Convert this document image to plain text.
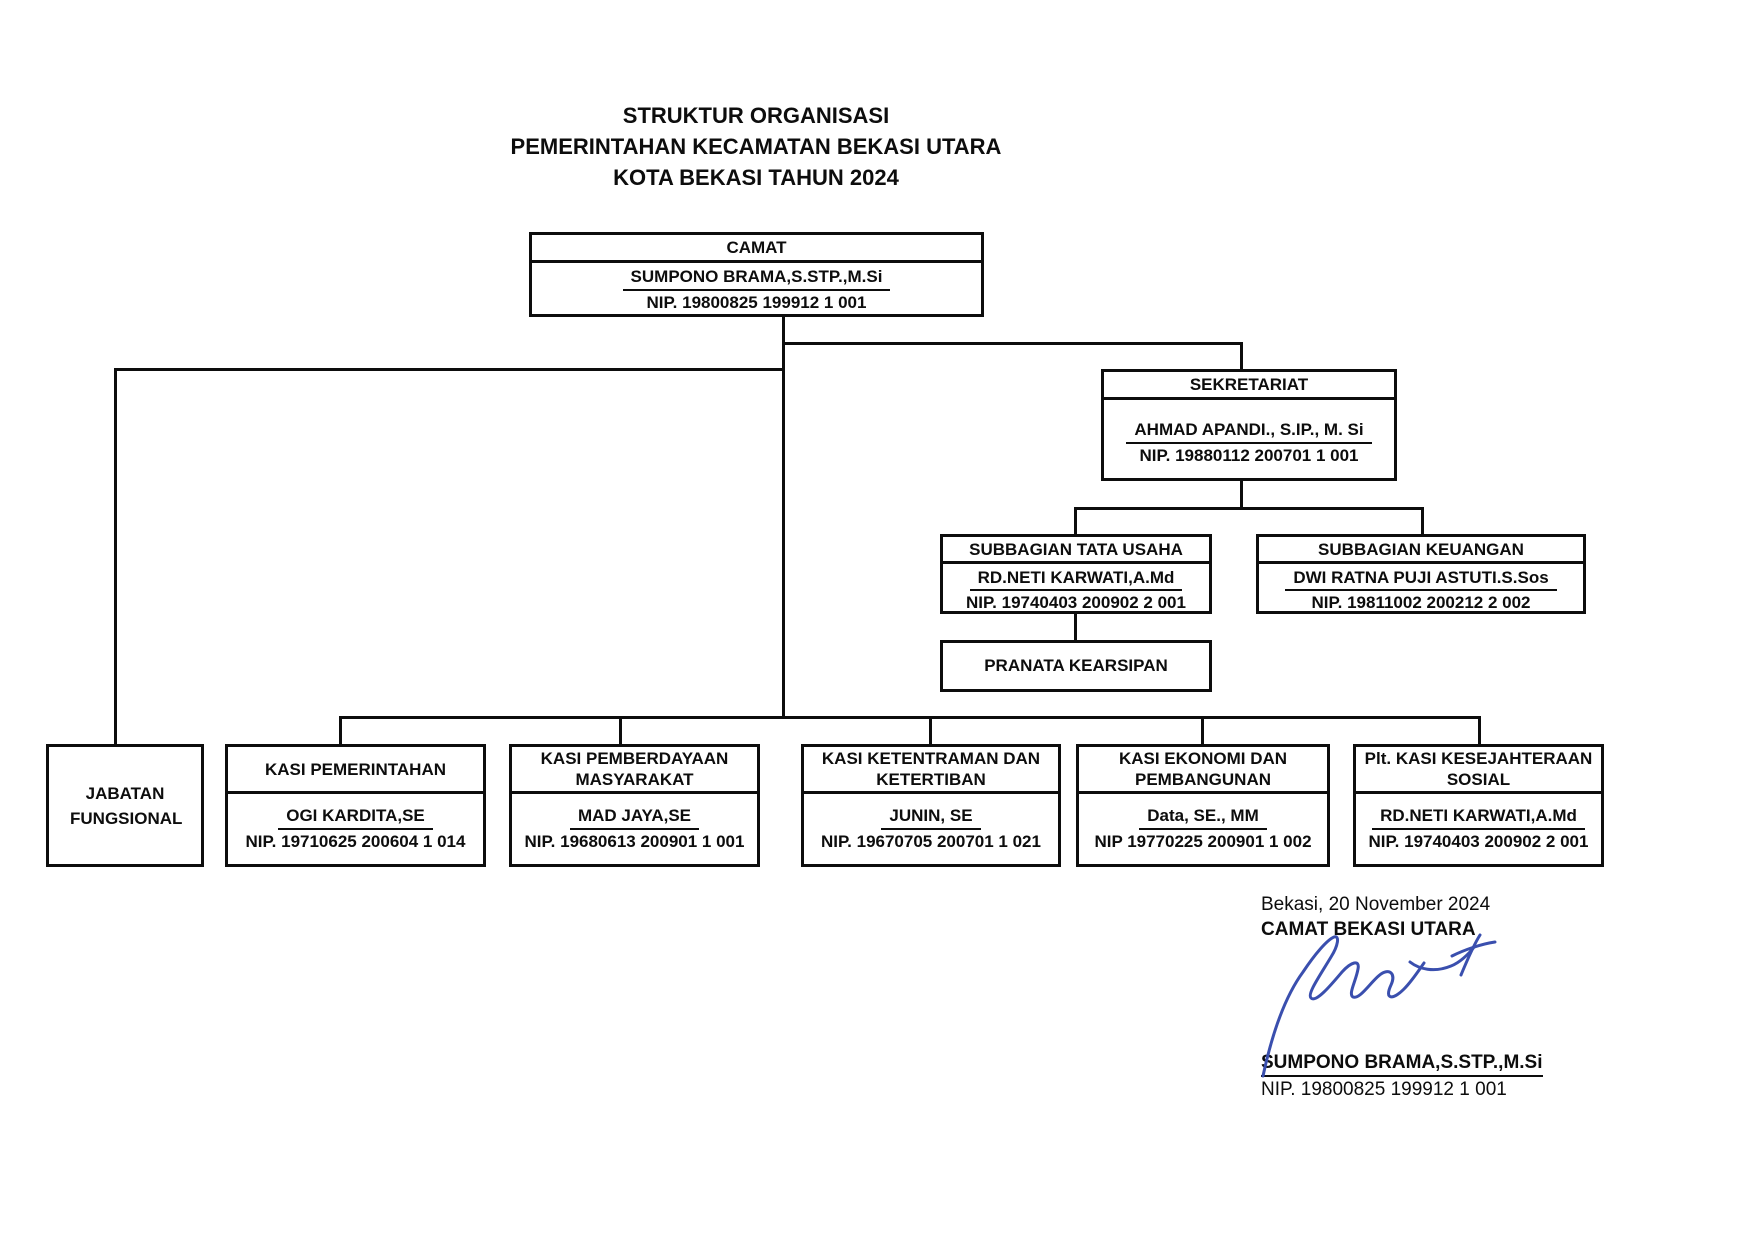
STRUKTUR ORGANISASI
PEMERINTAHAN KECAMATAN BEKASI UTARA
KOTA BEKASI TAHUN 2024
CAMAT
SUMPONO BRAMA,S.STP.,M.Si
NIP. 19800825 199912 1 001
SEKRETARIAT
AHMAD APANDI., S.IP., M. Si
NIP. 19880112 200701 1 001
SUBBAGIAN TATA USAHA
RD.NETI KARWATI,A.Md
NIP. 19740403 200902 2 001
SUBBAGIAN KEUANGAN
DWI RATNA PUJI ASTUTI.S.Sos
NIP. 19811002 200212 2 002
PRANATA KEARSIPAN
JABATAN FUNGSIONAL
KASI PEMERINTAHAN
OGI KARDITA,SE
NIP. 19710625 200604 1 014
KASI PEMBERDAYAAN MASYARAKAT
MAD JAYA,SE
NIP. 19680613 200901 1 001
KASI KETENTRAMAN DAN KETERTIBAN
JUNIN, SE
NIP. 19670705 200701 1 021
KASI EKONOMI DAN PEMBANGUNAN
Data, SE., MM
NIP 19770225 200901 1 002
Plt. KASI KESEJAHTERAAN SOSIAL
RD.NETI KARWATI,A.Md
NIP. 19740403 200902 2 001
Bekasi, 20 November 2024
CAMAT BEKASI UTARA
SUMPONO BRAMA,S.STP.,M.Si
NIP. 19800825 199912 1 001
